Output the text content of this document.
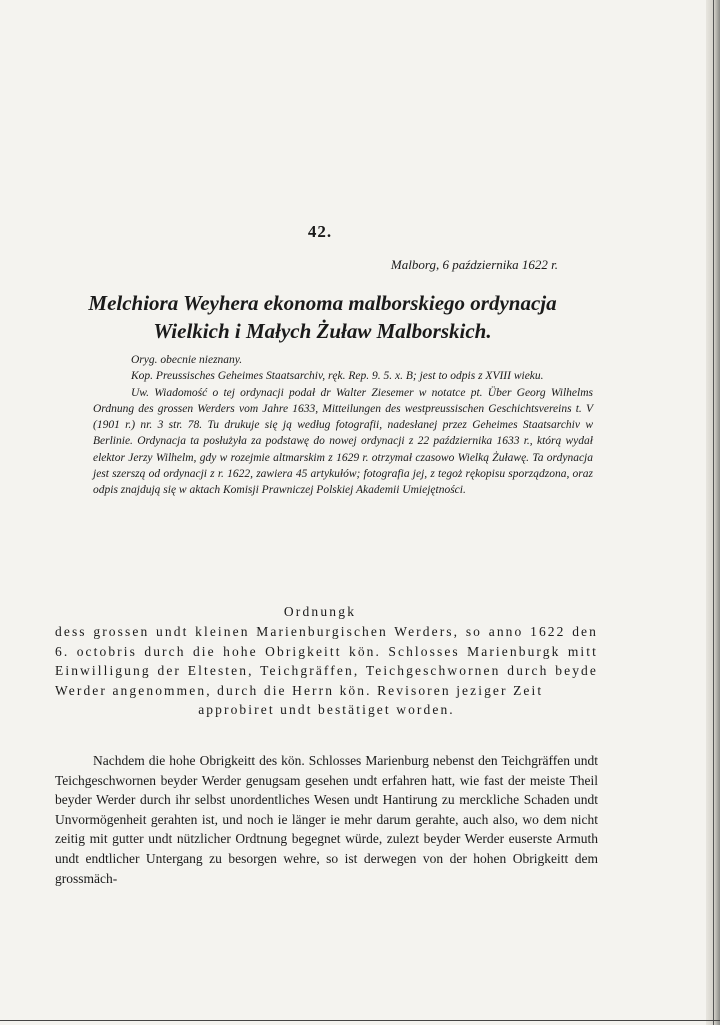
42.
Malborg, 6 października 1622 r.
Melchiora Weyhera ekonoma malborskiego ordynacja Wielkich i Małych Żuław Malborskich.

Oryg. obecnie nieznany.

Kop. Preussisches Geheimes Staatsarchiv, ręk. Rep. 9. 5. x. B; jest to odpis z XVIII wieku.

Uw. Wiadomość o tej ordynacji podał dr Walter Ziesemer w notatce pt. Über Georg Wilhelms Ordnung des grossen Werders vom Jahre 1633, Mitteilungen des westpreussischen Geschichtsvereins t. V (1901 r.) nr. 3 str. 78. Tu drukuje się ją według fotografii, nadesłanej przez Geheimes Staatsarchiv w Berlinie. Ordynacja ta posłużyła za podstawę do nowej ordynacji z 22 października 1633 r., którą wydał elektor Jerzy Wilhelm, gdy w rozejmie altmarskim z 1629 r. otrzymał czasowo Wielką Żuławę. Ta ordynacja jest szerszą od ordynacji z r. 1622, zawiera 45 artykułów; fotografia jej, z tegoż rękopisu sporządzona, oraz odpis znajdują się w aktach Komisji Prawniczej Polskiej Akademii Umiejętności.

Ordnungk
dess grossen undt kleinen Marienburgischen Werders, so anno 1622 den 6. octobris durch die hohe Obrigkeitt kön. Schlosses Marienburgk mitt Einwilligung der Eltesten, Teichgräffen, Teichgeschwornen durch beyde Werder angenommen, durch die Herrn kön. Revisoren jeziger Zeit
approbiret undt bestätiget worden.

Nachdem die hohe Obrigkeitt des kön. Schlosses Marienburg nebenst den Teichgräffen undt Teichgeschwornen beyder Werder genugsam gesehen undt erfahren hatt, wie fast der meiste Theil beyder Werder durch ihr selbst unordentliches Wesen undt Hantirung zu merckliche Schaden undt Unvormögenheit gerahten ist, und noch ie länger ie mehr darum gerahte, auch also, wo dem nicht zeitig mit gutter undt nützlicher Ordtnung begegnet würde, zulezt beyder Werder euserste Armuth undt endtlicher Untergang zu besorgen wehre, so ist derwegen von der hohen Obrigkeitt dem grossmäch-
